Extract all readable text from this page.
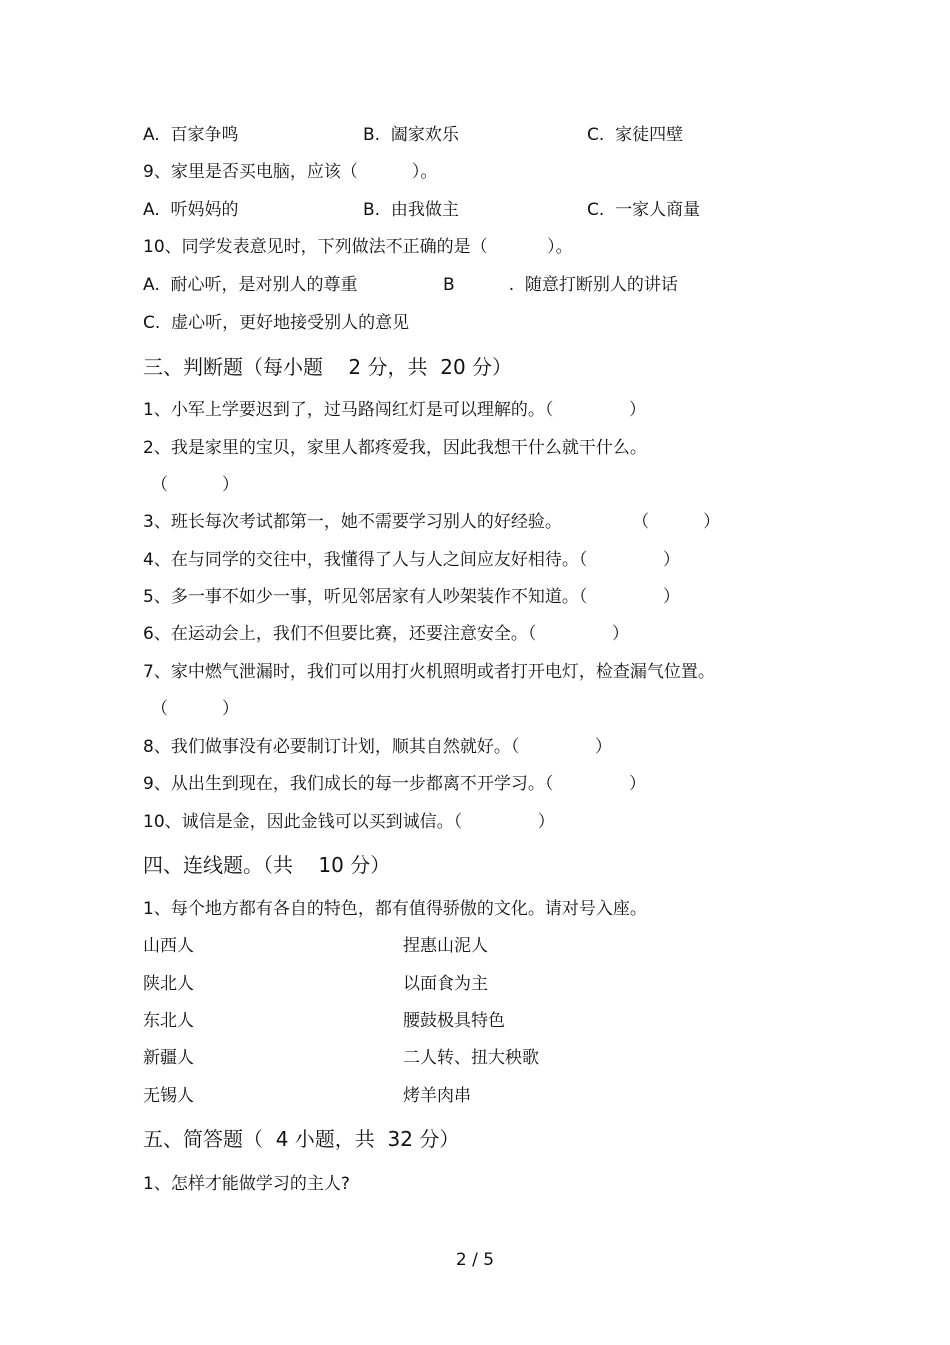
A.  百家争鸣	B.  阖家欢乐	C.  家徒四壁
9、家里是否买电脑，应该（          ）。
A.  听妈妈的	B.  由我做主	C.  一家人商量
10、同学发表意见时，下列做法不正确的是（           ）。
A.  耐心听，是对别人的尊重	B          .  随意打断别人的讲话
C.  虚心听，更好地接受别人的意见
三、判断题（每小题    2 分，共  20 分）
1、小军上学要迟到了，过马路闯红灯是可以理解的。（              ）
2、我是家里的宝贝，家里人都疼爱我，因此我想干什么就干什么。
（          ）
3、班长每次考试都第一，她不需要学习别人的好经验。             （          ）
4、在与同学的交往中，我懂得了人与人之间应友好相待。（              ）
5、多一事不如少一事，听见邻居家有人吵架装作不知道。（              ）
6、在运动会上，我们不但要比赛，还要注意安全。（              ）
7、家中燃气泄漏时，我们可以用打火机照明或者打开电灯，检查漏气位置。
（          ）
8、我们做事没有必要制订计划，顺其自然就好。（              ）
9、从出生到现在，我们成长的每一步都离不开学习。（              ）
10、诚信是金，因此金钱可以买到诚信。（              ）
四、连线题。（共    10 分）
1、每个地方都有各自的特色，都有值得骄傲的文化。请对号入座。
山西人	捏惠山泥人
陕北人	以面食为主
东北人	腰鼓极具特色
新疆人	二人转、扭大秧歌
无锡人	烤羊肉串
五、简答题（  4 小题，共  32 分）
1、怎样才能做学习的主人?
2 / 5
